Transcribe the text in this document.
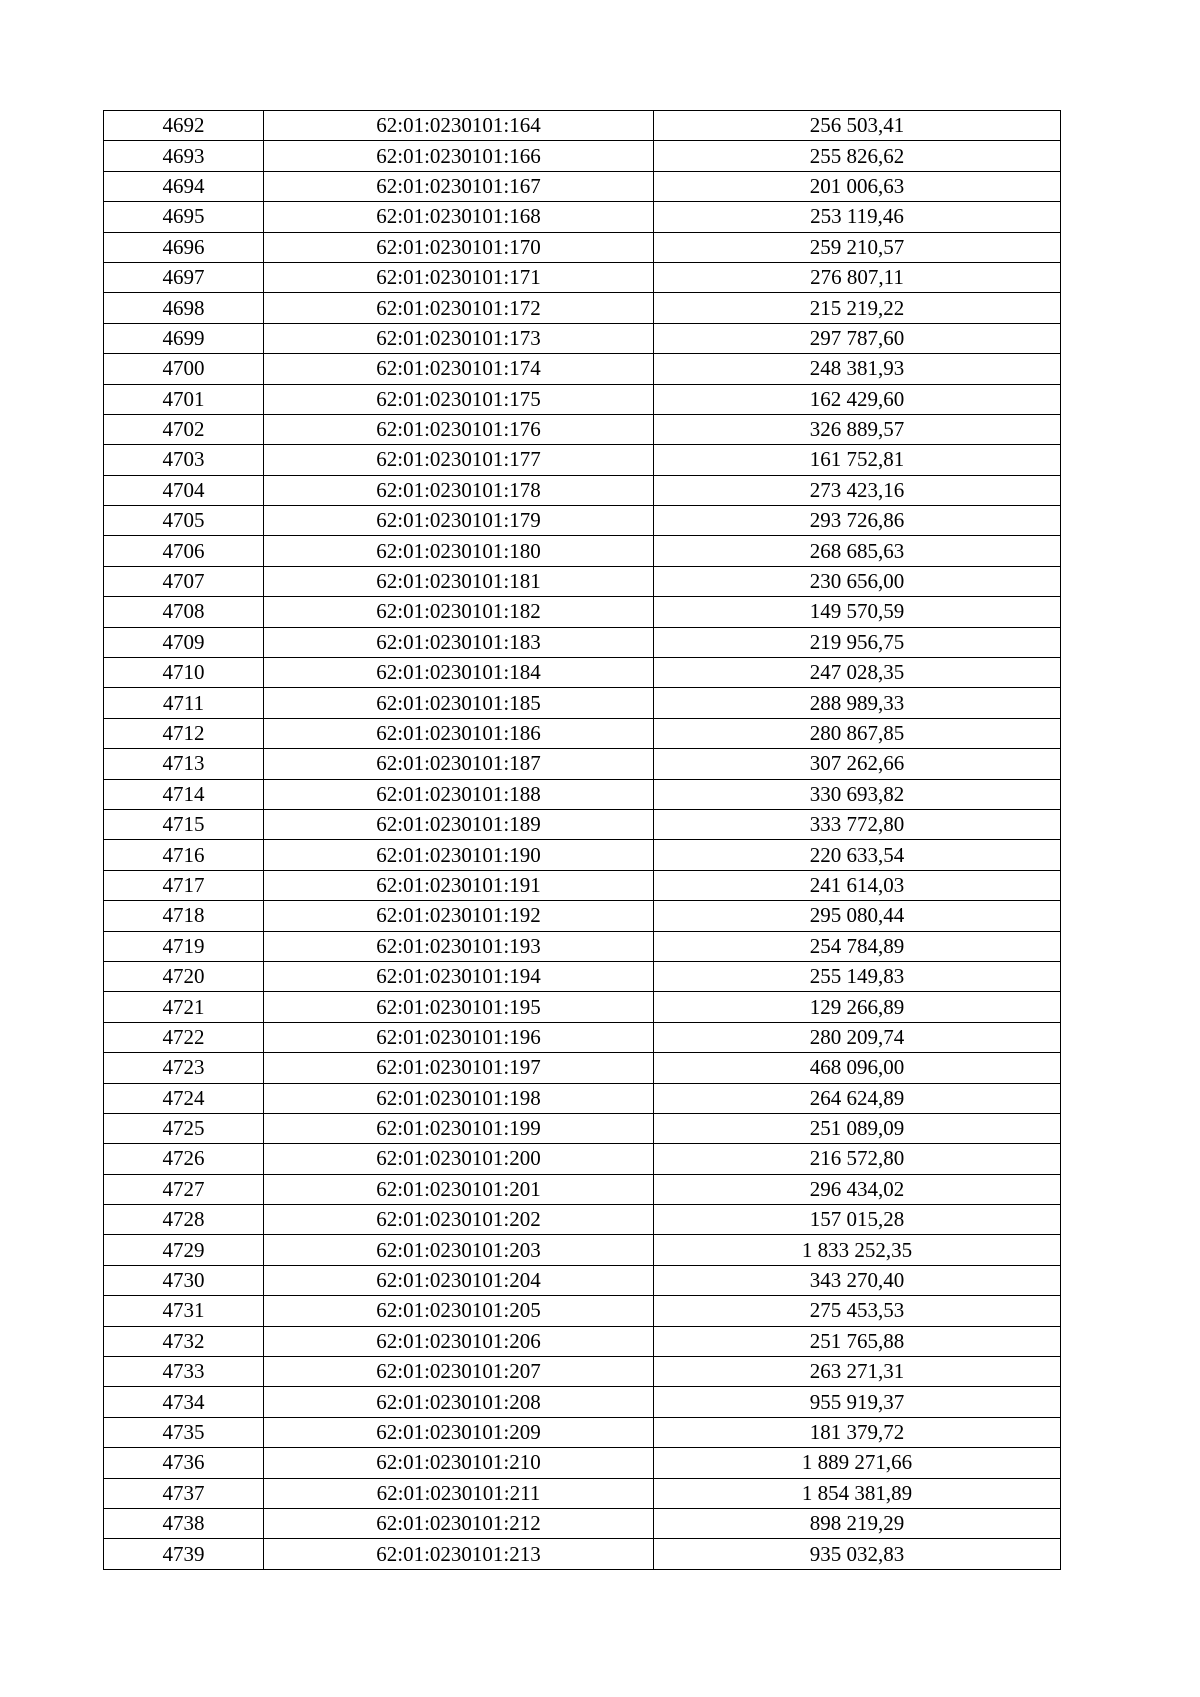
4692	62:01:0230101:164	256 503,41
4693	62:01:0230101:166	255 826,62
4694	62:01:0230101:167	201 006,63
4695	62:01:0230101:168	253 119,46
4696	62:01:0230101:170	259 210,57
4697	62:01:0230101:171	276 807,11
4698	62:01:0230101:172	215 219,22
4699	62:01:0230101:173	297 787,60
4700	62:01:0230101:174	248 381,93
4701	62:01:0230101:175	162 429,60
4702	62:01:0230101:176	326 889,57
4703	62:01:0230101:177	161 752,81
4704	62:01:0230101:178	273 423,16
4705	62:01:0230101:179	293 726,86
4706	62:01:0230101:180	268 685,63
4707	62:01:0230101:181	230 656,00
4708	62:01:0230101:182	149 570,59
4709	62:01:0230101:183	219 956,75
4710	62:01:0230101:184	247 028,35
4711	62:01:0230101:185	288 989,33
4712	62:01:0230101:186	280 867,85
4713	62:01:0230101:187	307 262,66
4714	62:01:0230101:188	330 693,82
4715	62:01:0230101:189	333 772,80
4716	62:01:0230101:190	220 633,54
4717	62:01:0230101:191	241 614,03
4718	62:01:0230101:192	295 080,44
4719	62:01:0230101:193	254 784,89
4720	62:01:0230101:194	255 149,83
4721	62:01:0230101:195	129 266,89
4722	62:01:0230101:196	280 209,74
4723	62:01:0230101:197	468 096,00
4724	62:01:0230101:198	264 624,89
4725	62:01:0230101:199	251 089,09
4726	62:01:0230101:200	216 572,80
4727	62:01:0230101:201	296 434,02
4728	62:01:0230101:202	157 015,28
4729	62:01:0230101:203	1 833 252,35
4730	62:01:0230101:204	343 270,40
4731	62:01:0230101:205	275 453,53
4732	62:01:0230101:206	251 765,88
4733	62:01:0230101:207	263 271,31
4734	62:01:0230101:208	955 919,37
4735	62:01:0230101:209	181 379,72
4736	62:01:0230101:210	1 889 271,66
4737	62:01:0230101:211	1 854 381,89
4738	62:01:0230101:212	898 219,29
4739	62:01:0230101:213	935 032,83
